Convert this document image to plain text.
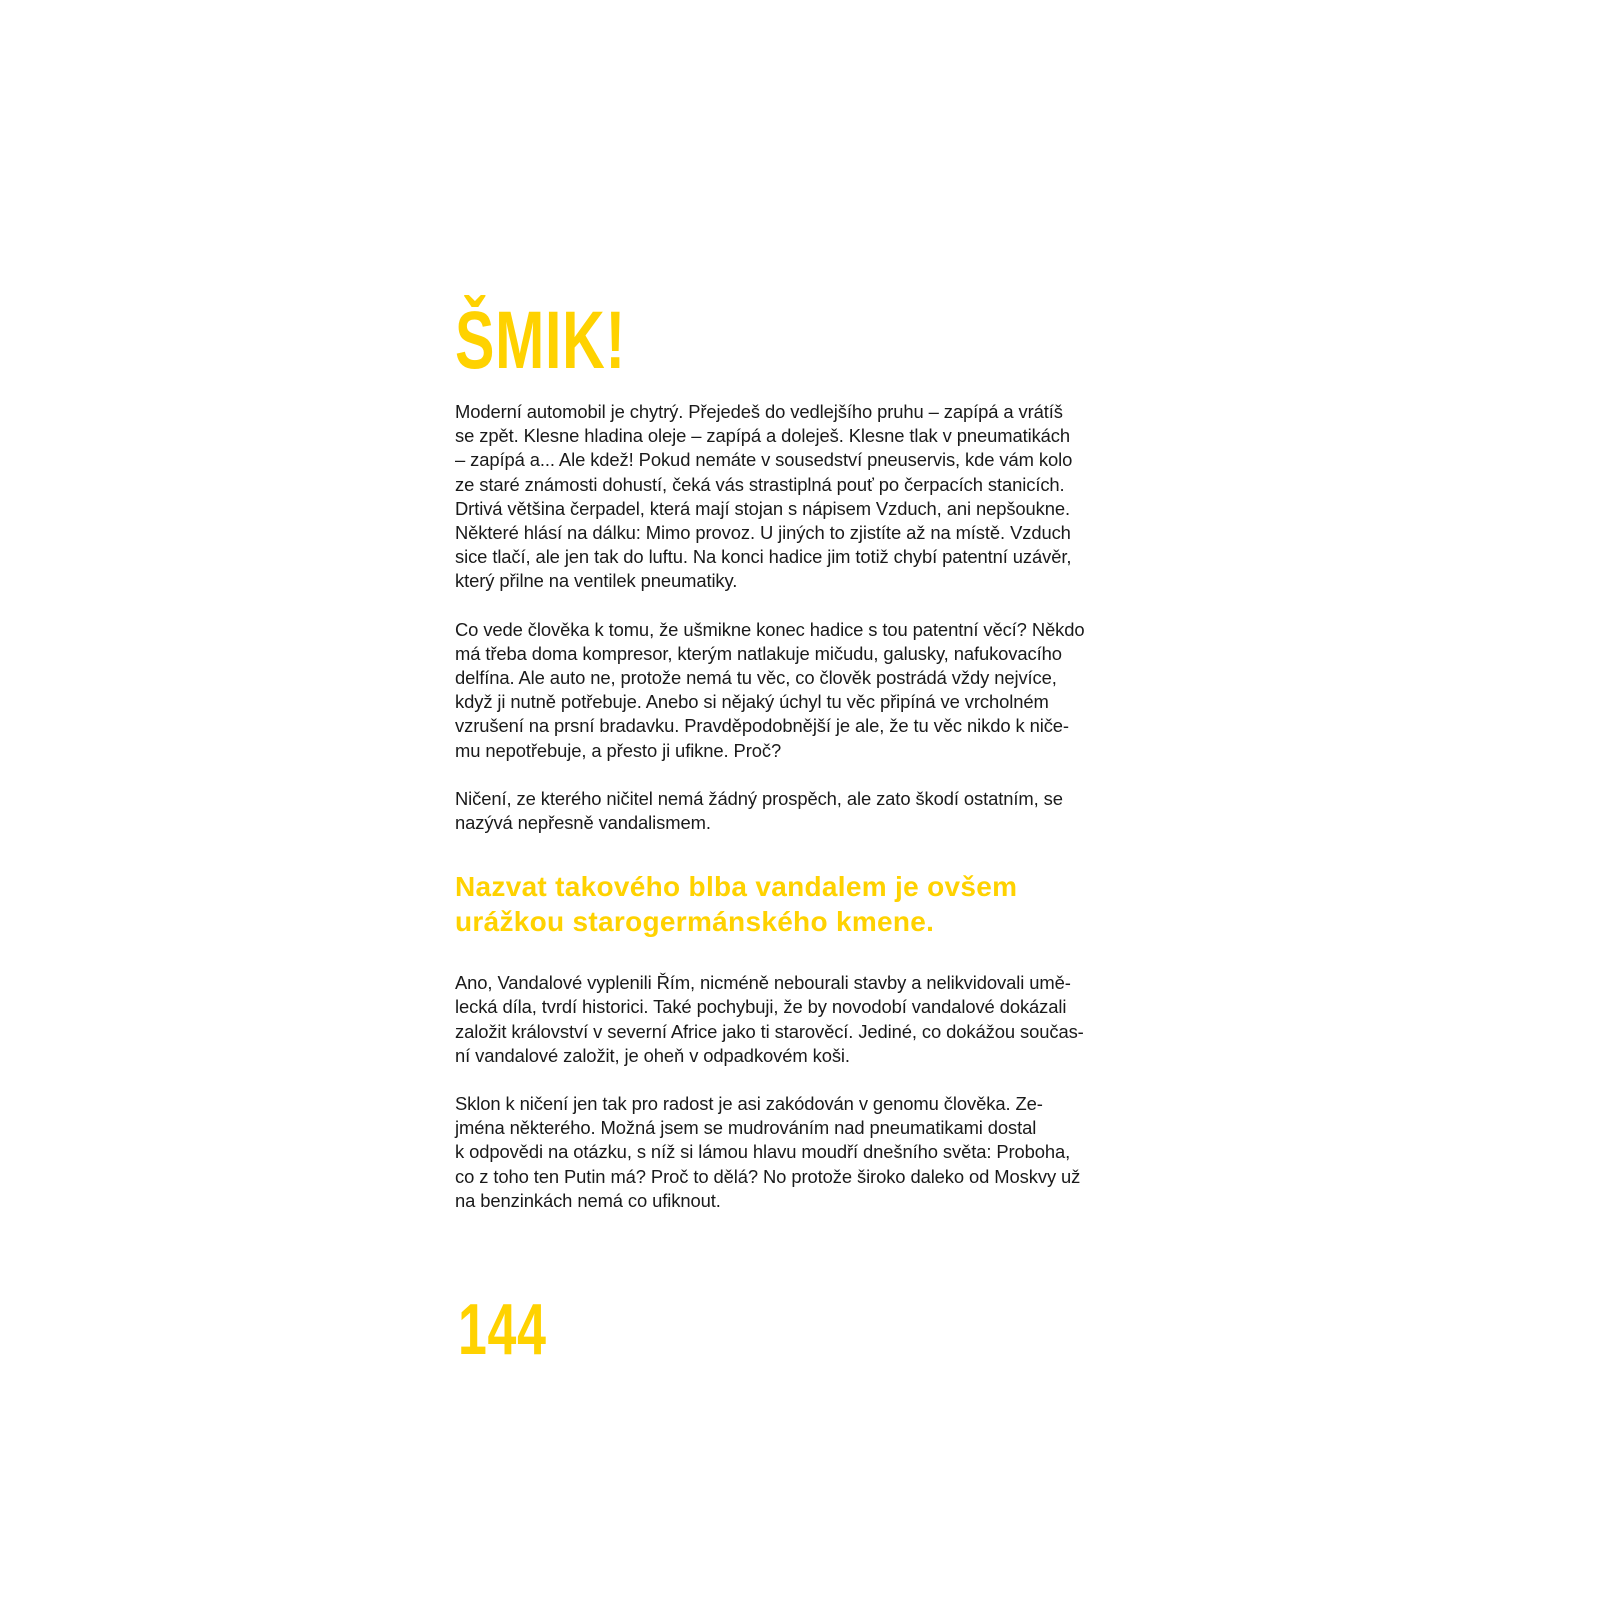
ŠMIK!
Moderní automobil je chytrý. Přejedeš do vedlejšího pruhu – zapípá a vrátíš
se zpět. Klesne hladina oleje – zapípá a doleješ. Klesne tlak v pneumatikách
– zapípá a... Ale kdež! Pokud nemáte v sousedství pneuservis, kde vám kolo
ze staré známosti dohustí, čeká vás strastiplná pouť po čerpacích stanicích.
Drtivá většina čerpadel, která mají stojan s nápisem Vzduch, ani nepšoukne.
Některé hlásí na dálku: Mimo provoz. U jiných to zjistíte až na místě. Vzduch
sice tlačí, ale jen tak do luftu. Na konci hadice jim totiž chybí patentní uzávěr,
který přilne na ventilek pneumatiky.
Co vede člověka k tomu, že ušmikne konec hadice s tou patentní věcí? Někdo
má třeba doma kompresor, kterým natlakuje mičudu, galusky, nafukovacího
delfína. Ale auto ne, protože nemá tu věc, co člověk postrádá vždy nejvíce,
když ji nutně potřebuje. Anebo si nějaký úchyl tu věc připíná ve vrcholném
vzrušení na prsní bradavku. Pravděpodobnější je ale, že tu věc nikdo k niče-
mu nepotřebuje, a přesto ji ufikne. Proč?
Ničení, ze kterého ničitel nemá žádný prospěch, ale zato škodí ostatním, se
nazývá nepřesně vandalismem.
Nazvat takového blba vandalem je ovšem
urážkou starogermánského kmene.
Ano, Vandalové vyplenili Řím, nicméně nebourali stavby a nelikvidovali umě-
lecká díla, tvrdí historici. Také pochybuji, že by novodobí vandalové dokázali
založit království v severní Africe jako ti starověcí. Jediné, co dokážou součas-
ní vandalové založit, je oheň v odpadkovém koši.
Sklon k ničení jen tak pro radost je asi zakódován v genomu člověka. Ze-
jména některého. Možná jsem se mudrováním nad pneumatikami dostal
k odpovědi na otázku, s níž si lámou hlavu moudří dnešního světa: Proboha,
co z toho ten Putin má? Proč to dělá? No protože široko daleko od Moskvy už
na benzinkách nemá co ufiknout.
144
